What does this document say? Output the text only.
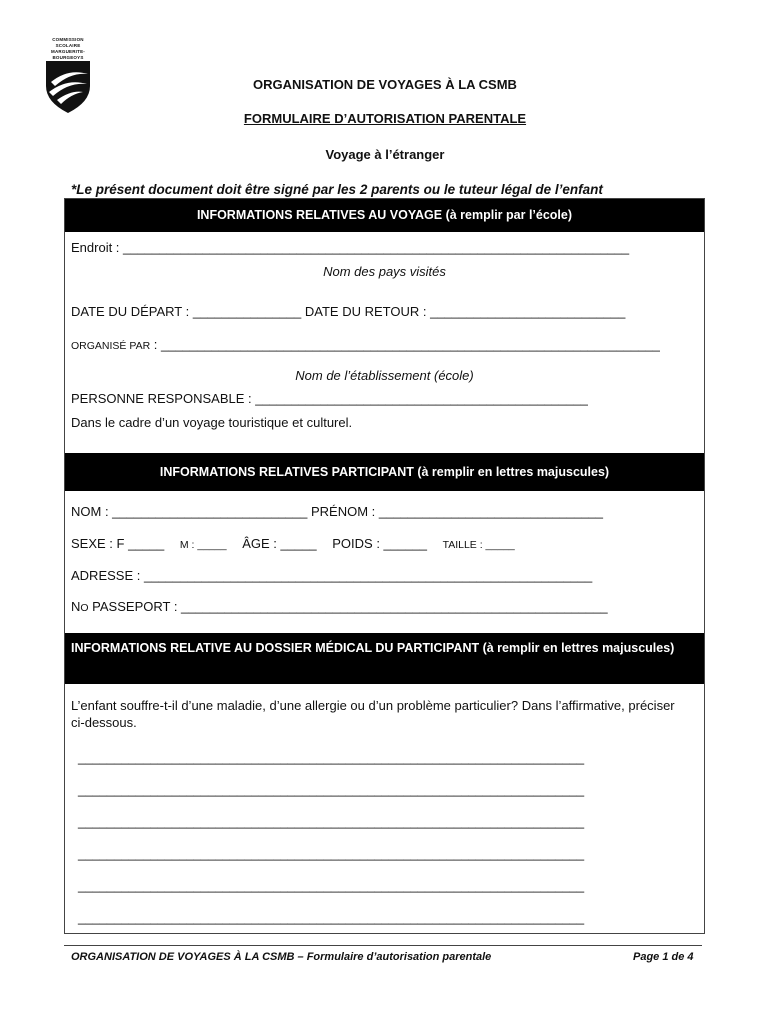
COMMISSION
SCOLAIRE
MARGUERITE-
BOURGEOYS
ORGANISATION DE VOYAGES À LA CSMB
FORMULAIRE D’AUTORISATION PARENTALE
Voyage à l’étranger
*Le présent document doit être signé par les 2 parents ou le tuteur légal de l’enfant
INFORMATIONS RELATIVES AU VOYAGE (à remplir par l’école)
Endroit : ______________________________________________________________________
Nom des pays visités
DATE DU DÉPART : _______________ DATE DU RETOUR : ___________________________
ORGANISÉ PAR : _____________________________________________________________________
Nom de l’établissement (école)
PERSONNE RESPONSABLE : ______________________________________________
Dans le cadre d’un voyage touristique et culturel.
INFORMATIONS RELATIVES PARTICIPANT (à remplir en lettres majuscules)
NOM : ___________________________ PRÉNOM : _______________________________
SEXE : F _____ M : _____ ÂGE : _____ POIDS : ______ TAILLE : _____
ADRESSE : ______________________________________________________________
NO PASSEPORT : ___________________________________________________________
INFORMATIONS RELATIVE AU DOSSIER MÉDICAL DU PARTICIPANT (à remplir en lettres majuscules)
L’enfant souffre-t-il d’une maladie, d’une allergie ou d’un problème particulier? Dans l’affirmative, préciser ci-dessous.
______________________________________________________________________
______________________________________________________________________
______________________________________________________________________
______________________________________________________________________
______________________________________________________________________
______________________________________________________________________
ORGANISATION DE VOYAGES À LA CSMB – Formulaire d’autorisation parentale	Page 1 de 4
